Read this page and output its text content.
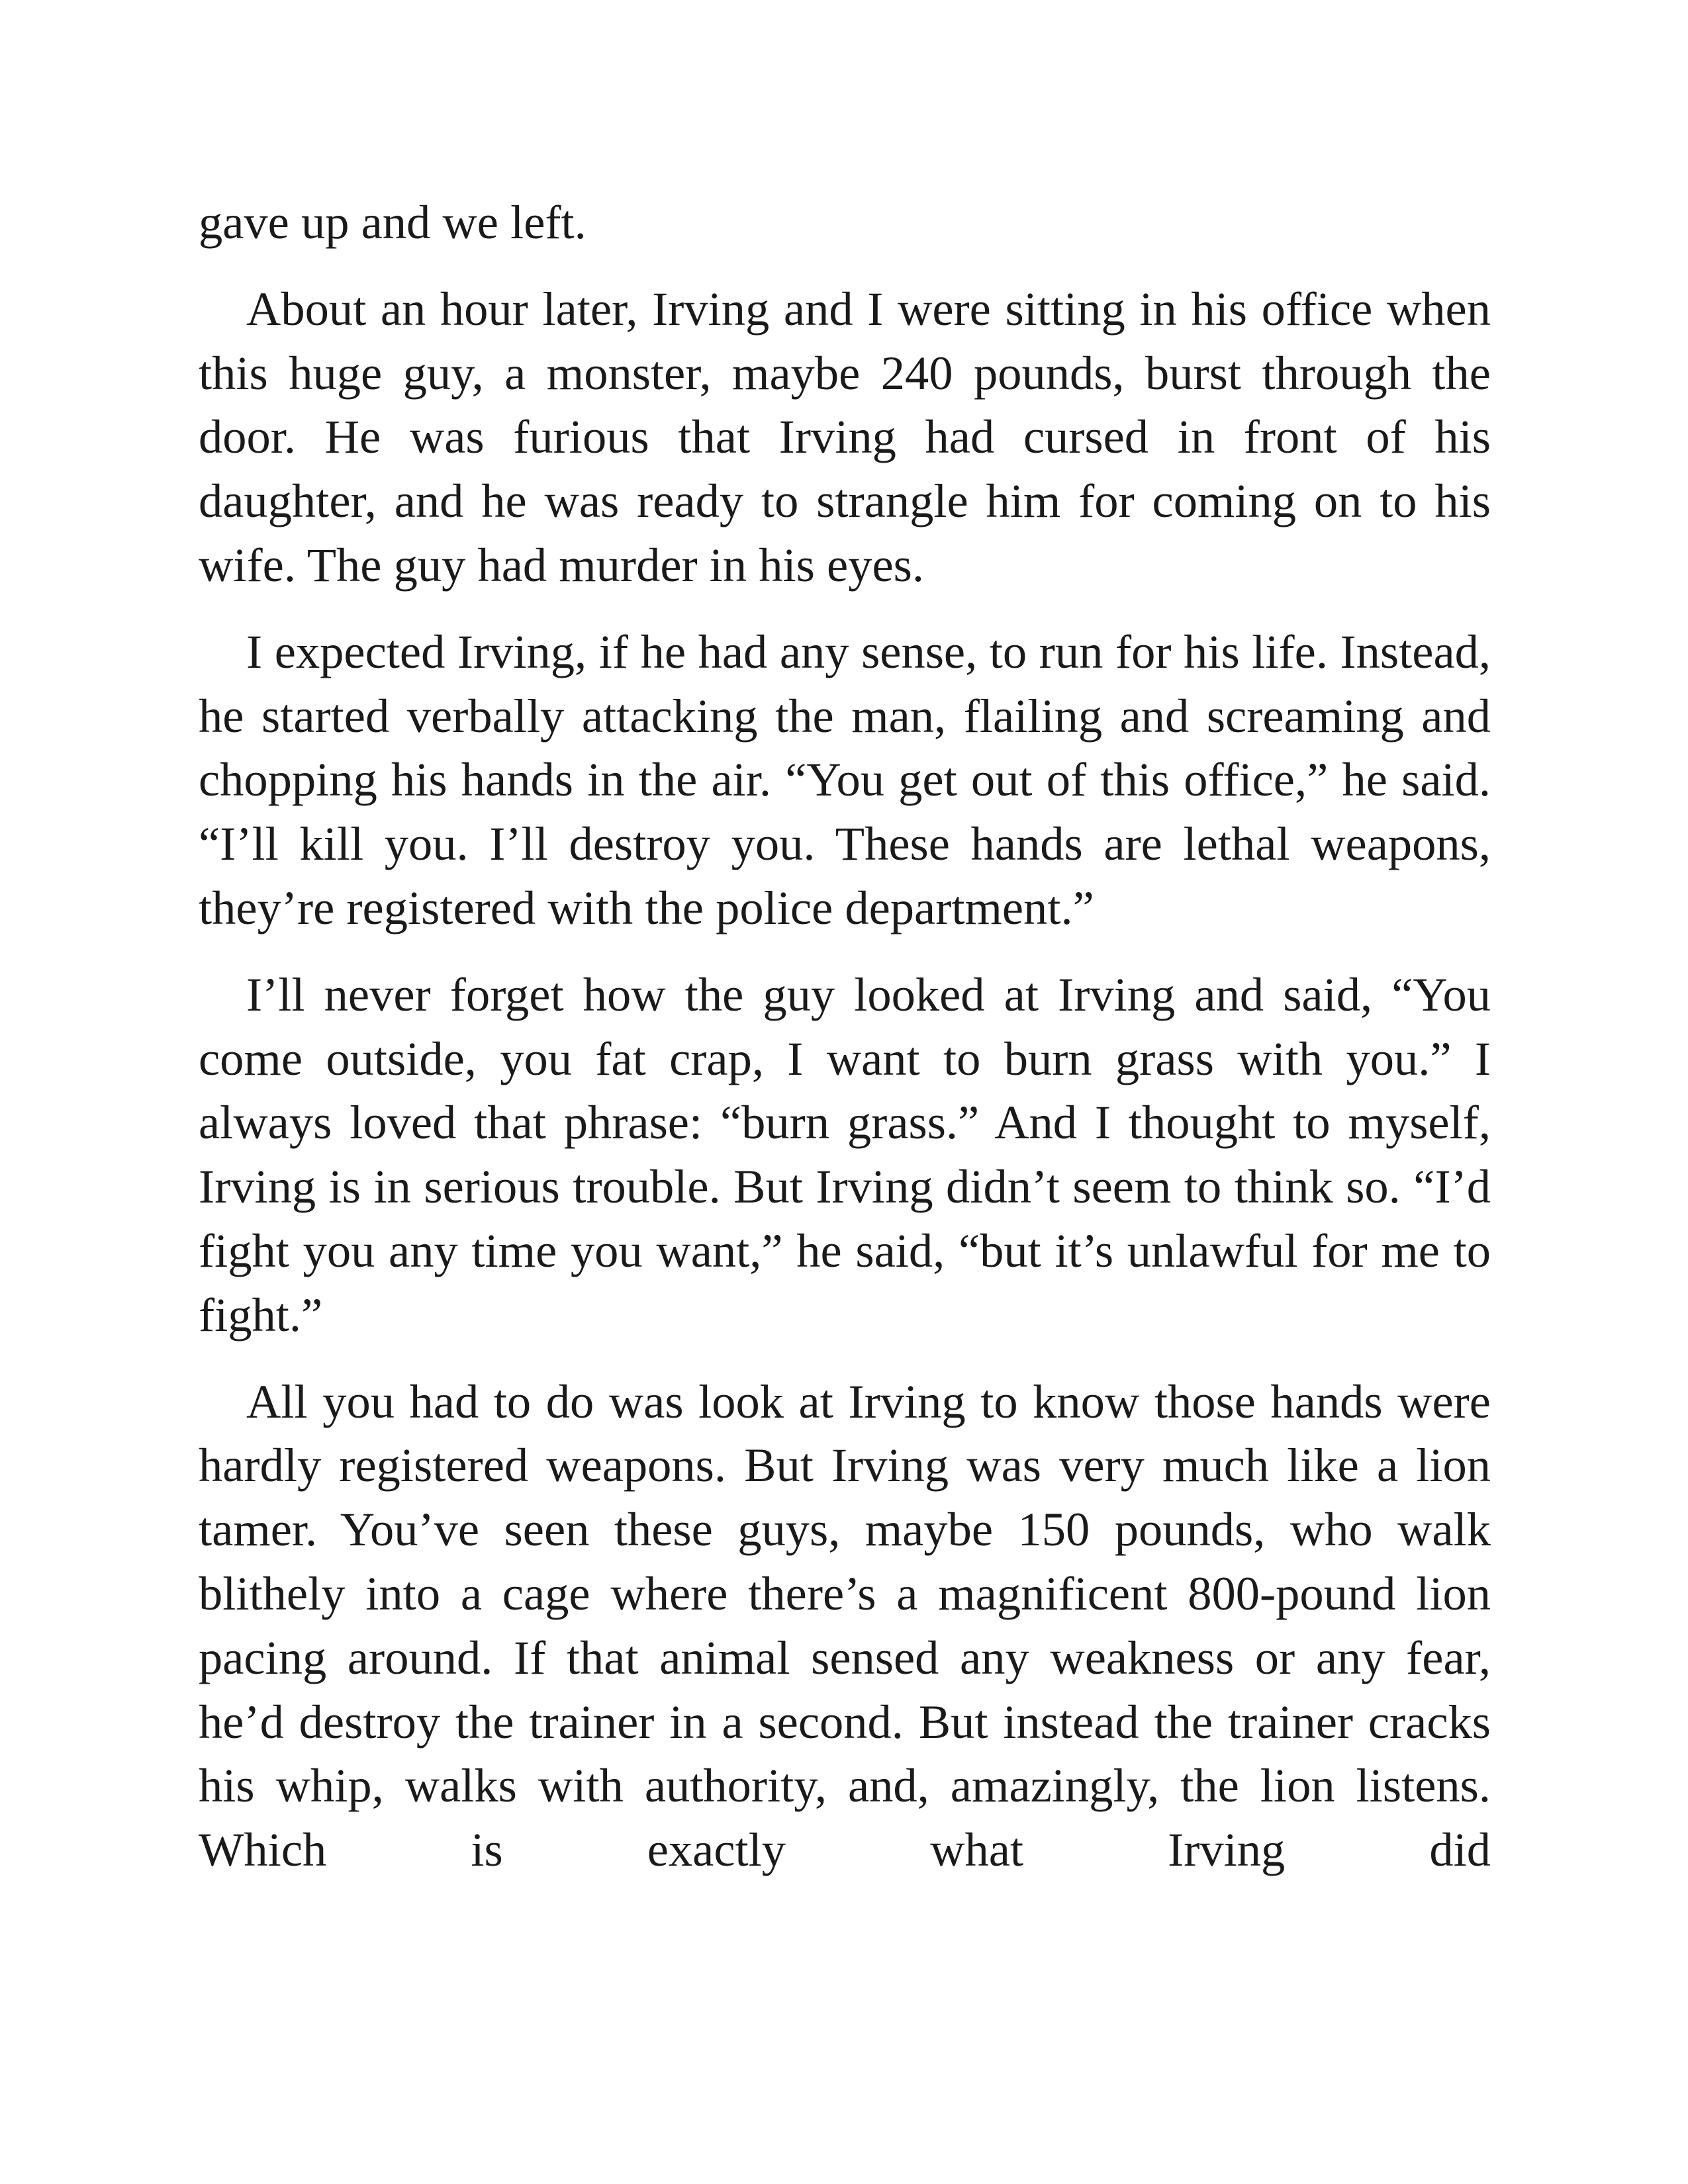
gave up and we left.

About an hour later, Irving and I were sitting in his office when this huge guy, a monster, maybe 240 pounds, burst through the door. He was furious that Irving had cursed in front of his daughter, and he was ready to strangle him for coming on to his wife. The guy had murder in his eyes.

I expected Irving, if he had any sense, to run for his life. Instead, he started verbally attacking the man, flailing and screaming and chopping his hands in the air. “You get out of this office,” he said. “I’ll kill you. I’ll destroy you. These hands are lethal weapons, they’re registered with the police department.”

I’ll never forget how the guy looked at Irving and said, “You come outside, you fat crap, I want to burn grass with you.” I always loved that phrase: “burn grass.” And I thought to myself, Irving is in serious trouble. But Irving didn’t seem to think so. “I’d fight you any time you want,” he said, “but it’s unlawful for me to fight.”

All you had to do was look at Irving to know those hands were hardly registered weapons. But Irving was very much like a lion tamer. You’ve seen these guys, maybe 150 pounds, who walk blithely into a cage where there’s a magnificent 800-pound lion pacing around. If that animal sensed any weakness or any fear, he’d destroy the trainer in a second. But instead the trainer cracks his whip, walks with authority, and, amazingly, the lion listens. Which is exactly what Irving did
